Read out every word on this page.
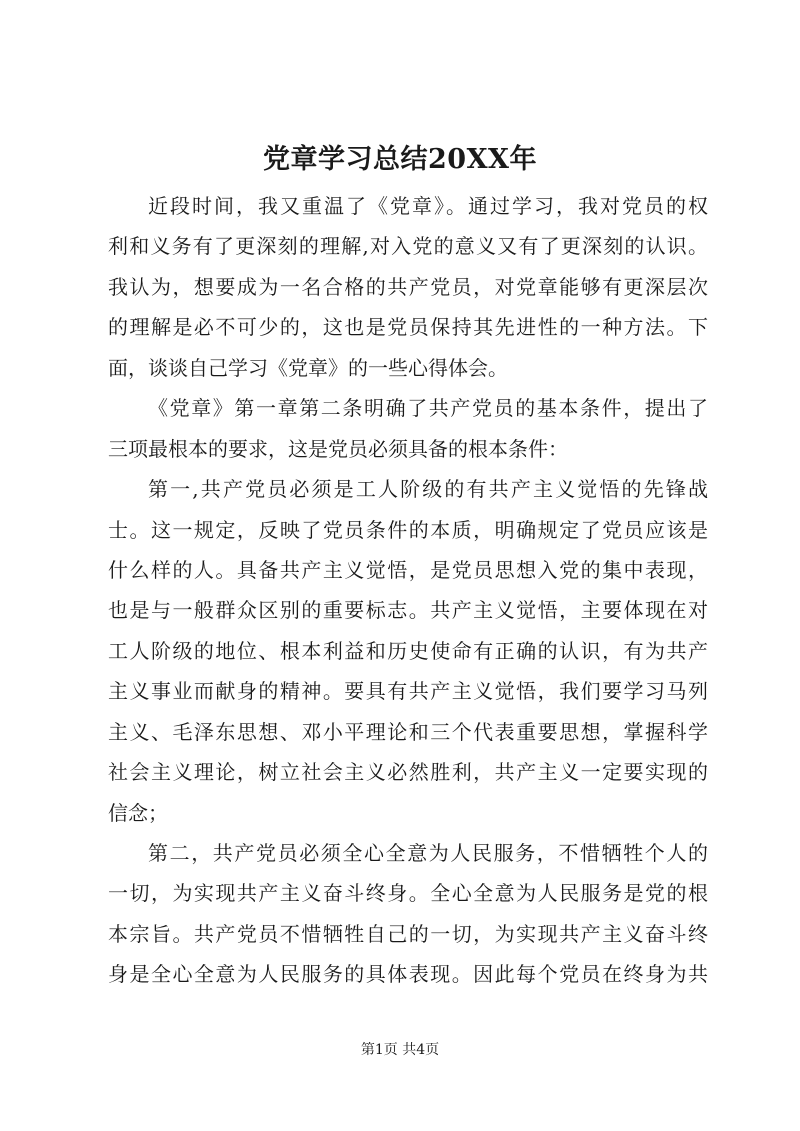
党章学习总结20XX年
近段时间，我又重温了《党章》。通过学习，我对党员的权
利和义务有了更深刻的理解,对入党的意义又有了更深刻的认识。
我认为，想要成为一名合格的共产党员，对党章能够有更深层次
的理解是必不可少的，这也是党员保持其先进性的一种方法。下
面，谈谈自己学习《党章》的一些心得体会。
《党章》第一章第二条明确了共产党员的基本条件，提出了
三项最根本的要求，这是党员必须具备的根本条件：
第一,共产党员必须是工人阶级的有共产主义觉悟的先锋战
士。这一规定，反映了党员条件的本质，明确规定了党员应该是
什么样的人。具备共产主义觉悟，是党员思想入党的集中表现，
也是与一般群众区别的重要标志。共产主义觉悟，主要体现在对
工人阶级的地位、根本利益和历史使命有正确的认识，有为共产
主义事业而献身的精神。要具有共产主义觉悟，我们要学习马列
主义、毛泽东思想、邓小平理论和三个代表重要思想，掌握科学
社会主义理论，树立社会主义必然胜利，共产主义一定要实现的
信念；
第二，共产党员必须全心全意为人民服务，不惜牺牲个人的
一切，为实现共产主义奋斗终身。全心全意为人民服务是党的根
本宗旨。共产党员不惜牺牲自己的一切，为实现共产主义奋斗终
身是全心全意为人民服务的具体表现。因此每个党员在终身为共
第1页 共4页
